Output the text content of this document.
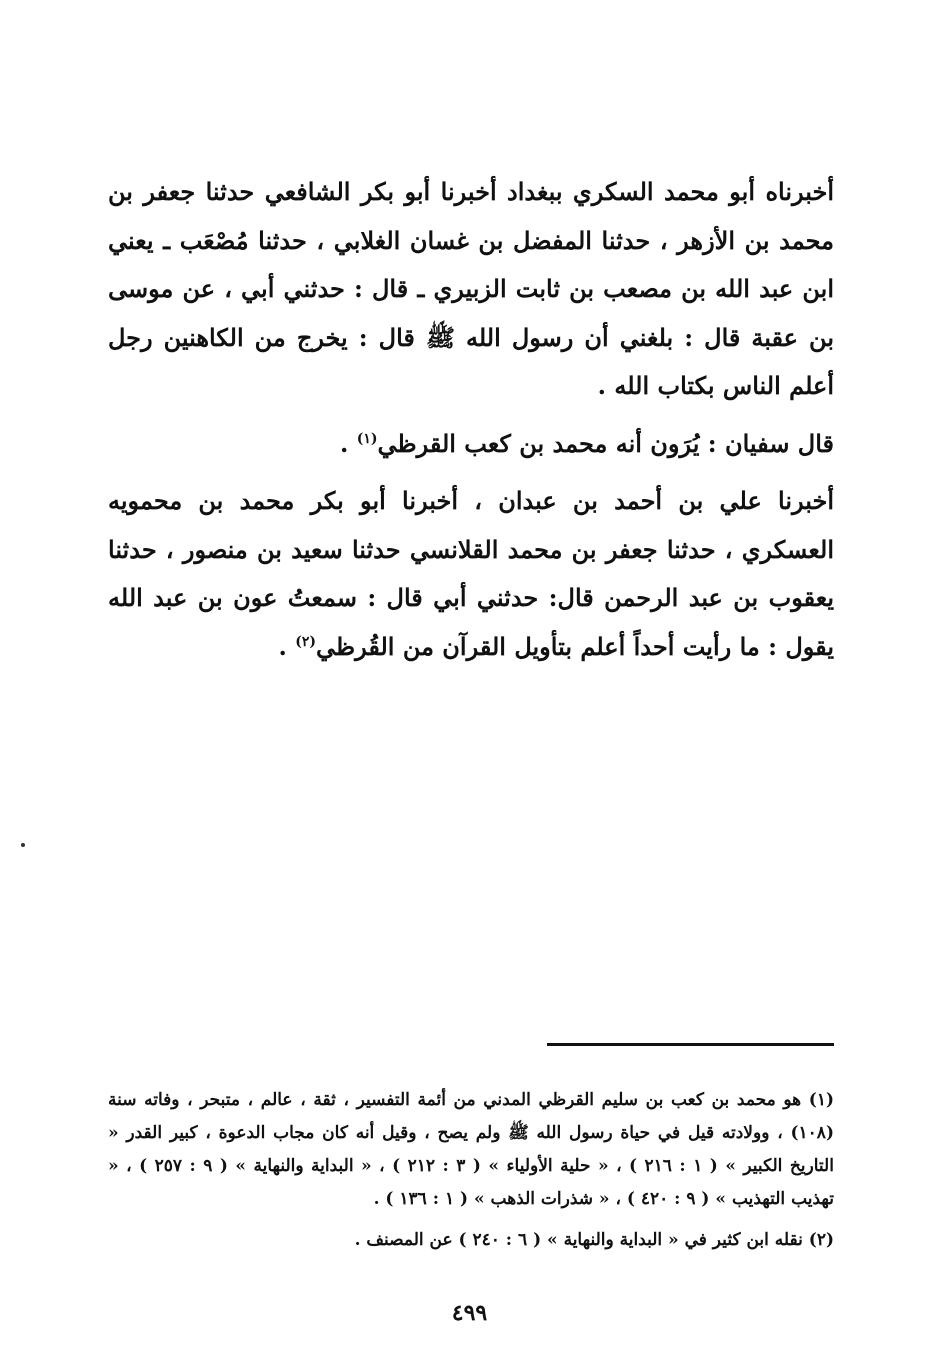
أخبرناه أبو محمد السكري ببغداد أخبرنا أبو بكر الشافعي حدثنا جعفر بن محمد بن الأزهر ، حدثنا المفضل بن غسان الغلابي ، حدثنا مُصْعَب ـ يعني ابن عبد الله بن مصعب بن ثابت الزبيري ـ قال : حدثني أبي ، عن موسى بن عقبة قال : بلغني أن رسول الله ﷺ قال : يخرج من الكاهنين رجل أعلم الناس بكتاب الله .

قال سفيان : يُرَون أنه محمد بن كعب القرظي$^{(١)}$ .

أخبرنا علي بن أحمد بن عبدان ، أخبرنا أبو بكر محمد بن محمويه العسكري ، حدثنا جعفر بن محمد القلانسي حدثنا سعيد بن منصور ، حدثنا يعقوب بن عبد الرحمن قال: حدثني أبي قال : سمعتُ عون بن عبد الله يقول : ما رأيت أحداً أعلم بتأويل القرآن من القُرظي$^{(٢)}$ .

(١) هو محمد بن كعب بن سليم القرظي المدني من أئمة التفسير ، ثقة ، عالم ، متبحر ، وفاته سنة (١٠٨) ، وولادته قيل في حياة رسول الله ﷺ ولم يصح ، وقيل أنه كان مجاب الدعوة ، كبير القدر « التاريخ الكبير » ( ١ : ٢١٦ ) ، « حلية الأولياء » ( ٣ : ٢١٢ ) ، « البداية والنهاية » ( ٩ : ٢٥٧ ) ، « تهذيب التهذيب » ( ٩ : ٤٢٠ ) ، « شذرات الذهب » ( ١ : ١٣٦ ) .

(٢) نقله ابن كثير في « البداية والنهاية » ( ٦ : ٢٤٠ ) عن المصنف .

٤٩٩
